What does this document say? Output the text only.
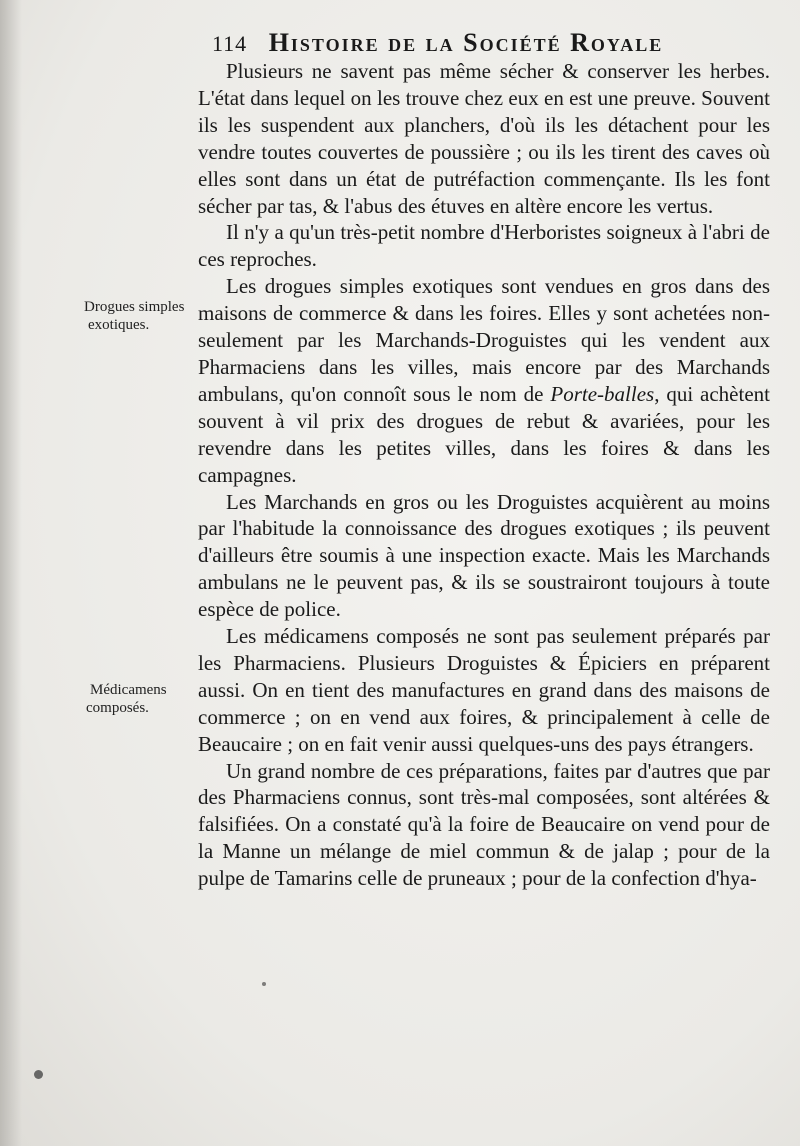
114 Histoire de la Société Royale
Drogues simples
exotiques.
Médicamens
composés.

Plusieurs ne savent pas même sécher & conserver les herbes. L'état dans lequel on les trouve chez eux en est une preuve. Souvent ils les suspendent aux planchers, d'où ils les détachent pour les vendre toutes couvertes de poussière ; ou ils les tirent des caves où elles sont dans un état de putréfaction commençante. Ils les font sécher par tas, & l'abus des étuves en altère encore les vertus.

Il n'y a qu'un très-petit nombre d'Herboristes soigneux à l'abri de ces reproches.

Les drogues simples exotiques sont vendues en gros dans des maisons de commerce & dans les foires. Elles y sont achetées non-seulement par les Marchands-Droguistes qui les vendent aux Pharmaciens dans les villes, mais encore par des Marchands ambulans, qu'on connoît sous le nom de Porte-balles, qui achètent souvent à vil prix des drogues de rebut & avariées, pour les revendre dans les petites villes, dans les foires & dans les campagnes.

Les Marchands en gros ou les Droguistes acquièrent au moins par l'habitude la connoissance des drogues exotiques ; ils peuvent d'ailleurs être soumis à une inspection exacte. Mais les Marchands ambulans ne le peuvent pas, & ils se soustrairont toujours à toute espèce de police.

Les médicamens composés ne sont pas seulement préparés par les Pharmaciens. Plusieurs Droguistes & Épiciers en préparent aussi. On en tient des manufactures en grand dans des maisons de commerce ; on en vend aux foires, & principalement à celle de Beaucaire ; on en fait venir aussi quelques-uns des pays étrangers.

Un grand nombre de ces préparations, faites par d'autres que par des Pharmaciens connus, sont très-mal composées, sont altérées & falsifiées. On a constaté qu'à la foire de Beaucaire on vend pour de la Manne un mélange de miel commun & de jalap ; pour de la pulpe de Tamarins celle de pruneaux ; pour de la confection d'hya-
